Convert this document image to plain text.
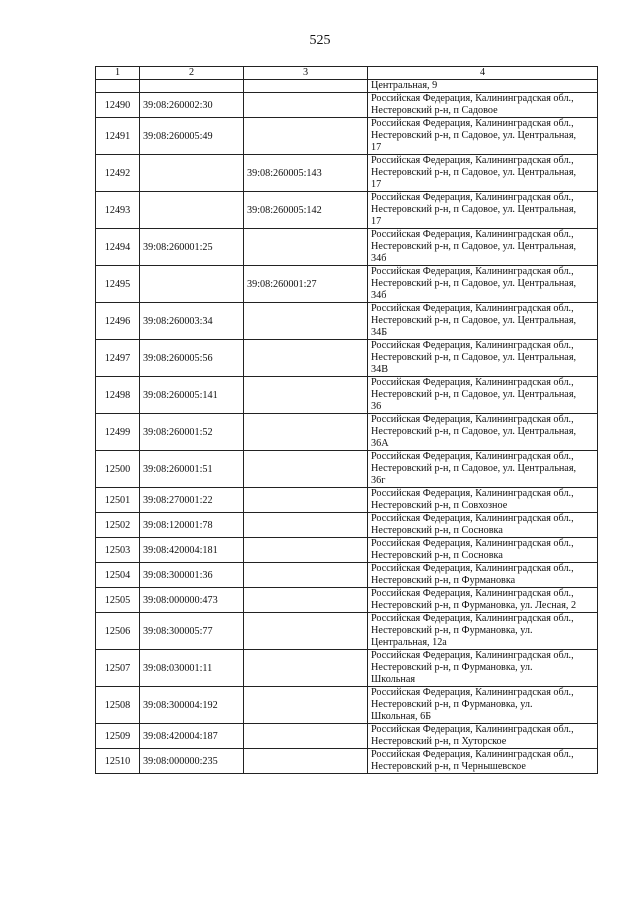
525
1	2	3	4
			Центральная, 9
12490	39:08:260002:30		Российская Федерация, Калининградская обл.,
Нестеровский р-н, п Садовое
12491	39:08:260005:49		Российская Федерация, Калининградская обл.,
Нестеровский р-н, п Садовое, ул. Центральная,
17
12492		39:08:260005:143	Российская Федерация, Калининградская обл.,
Нестеровский р-н, п Садовое, ул. Центральная,
17
12493		39:08:260005:142	Российская Федерация, Калининградская обл.,
Нестеровский р-н, п Садовое, ул. Центральная,
17
12494	39:08:260001:25		Российская Федерация, Калининградская обл.,
Нестеровский р-н, п Садовое, ул. Центральная,
34б
12495		39:08:260001:27	Российская Федерация, Калининградская обл.,
Нестеровский р-н, п Садовое, ул. Центральная,
34б
12496	39:08:260003:34		Российская Федерация, Калининградская обл.,
Нестеровский р-н, п Садовое, ул. Центральная,
34Б
12497	39:08:260005:56		Российская Федерация, Калининградская обл.,
Нестеровский р-н, п Садовое, ул. Центральная,
34В
12498	39:08:260005:141		Российская Федерация, Калининградская обл.,
Нестеровский р-н, п Садовое, ул. Центральная,
36
12499	39:08:260001:52		Российская Федерация, Калининградская обл.,
Нестеровский р-н, п Садовое, ул. Центральная,
36А
12500	39:08:260001:51		Российская Федерация, Калининградская обл.,
Нестеровский р-н, п Садовое, ул. Центральная,
36г
12501	39:08:270001:22		Российская Федерация, Калининградская обл.,
Нестеровский р-н, п Совхозное
12502	39:08:120001:78		Российская Федерация, Калининградская обл.,
Нестеровский р-н, п Сосновка
12503	39:08:420004:181		Российская Федерация, Калининградская обл.,
Нестеровский р-н, п Сосновка
12504	39:08:300001:36		Российская Федерация, Калининградская обл.,
Нестеровский р-н, п Фурмановка
12505	39:08:000000:473		Российская Федерация, Калининградская обл.,
Нестеровский р-н, п Фурмановка, ул. Лесная, 2
12506	39:08:300005:77		Российская Федерация, Калининградская обл.,
Нестеровский р-н, п Фурмановка, ул.
Центральная, 12а
12507	39:08:030001:11		Российская Федерация, Калининградская обл.,
Нестеровский р-н, п Фурмановка, ул.
Школьная
12508	39:08:300004:192		Российская Федерация, Калининградская обл.,
Нестеровский р-н, п Фурмановка, ул.
Школьная, 6Б
12509	39:08:420004:187		Российская Федерация, Калининградская обл.,
Нестеровский р-н, п Хуторское
12510	39:08:000000:235		Российская Федерация, Калининградская обл.,
Нестеровский р-н, п Чернышевское
